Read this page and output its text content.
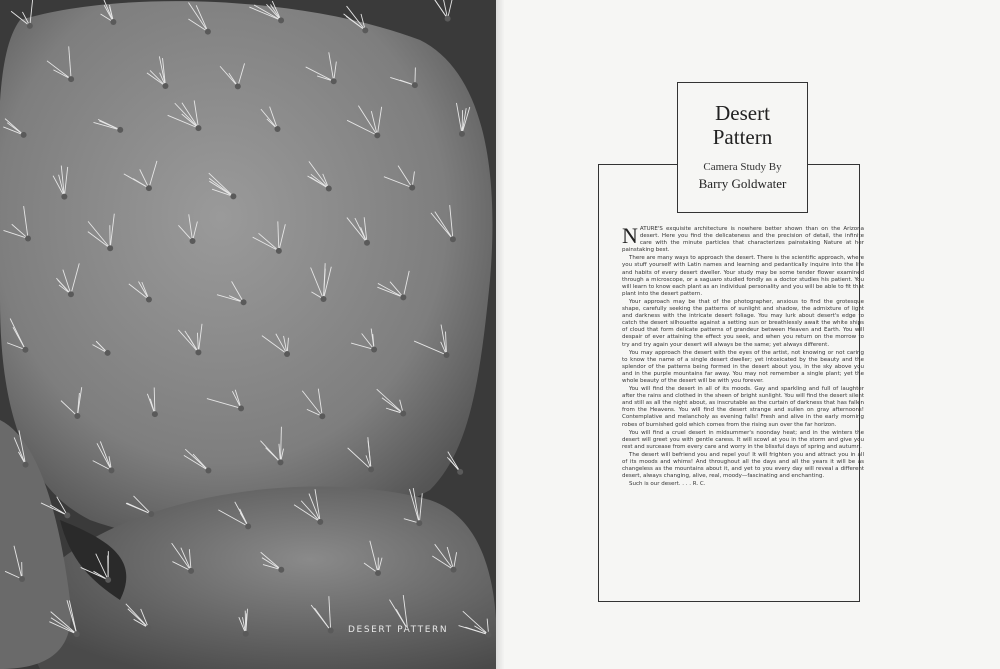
DESERT PATTERN
Desert
Pattern
Camera Study By
Barry Goldwater

NATURE'S exquisite architecture is nowhere better shown than on the Arizona desert. Here you find the delicateness and the precision of detail, the infinite care with the minute particles that characterizes painstaking Nature at her painstaking best.

There are many ways to approach the desert. There is the scientific approach, where you stuff yourself with Latin names and learning and pedantically inquire into the life and habits of every desert dweller. Your study may be some tender flower examined through a microscope, or a saguaro studied fondly as a doctor studies his patient. You will learn to know each plant as an individual personality and you will be able to fit that plant into the desert pattern.

Your approach may be that of the photographer, anxious to find the grotesque shape, carefully seeking the patterns of sunlight and shadow, the admixture of light and darkness with the intricate desert foliage. You may lurk about desert's edge to catch the desert silhouette against a setting sun or breathlessly await the white ships of cloud that form delicate patterns of grandeur between Heaven and Earth. You will despair of ever attaining the effect you seek, and when you return on the morrow to try and try again your desert will always be the same; yet always different.

You may approach the desert with the eyes of the artist, not knowing or not caring to know the name of a single desert dweller; yet intoxicated by the beauty and the splendor of the patterns being formed in the desert about you, in the sky above you and in the purple mountains far away. You may not remember a single plant; yet the whole beauty of the desert will be with you forever.

You will find the desert in all of its moods. Gay and sparkling and full of laughter after the rains and clothed in the sheen of bright sunlight. You will find the desert silent and still as all the night about, as inscrutable as the curtain of darkness that has fallen from the Heavens. You will find the desert strange and sullen on gray afternoons! Contemplative and melancholy as evening falls! Fresh and alive in the early morning robes of burnished gold which comes from the rising sun over the far horizon.

You will find a cruel desert in midsummer's noonday heat; and in the winters the desert will greet you with gentle caress. It will scowl at you in the storm and give you rest and surcease from every care and worry in the blissful days of spring and autumn.

The desert will befriend you and repel you! It will frighten you and attract you in all of its moods and whims! And throughout all the days and all the years it will be as changeless as the mountains about it, and yet to you every day will reveal a different desert, always changing, alive, real, moody—fascinating and enchanting.

Such is our desert. . . . R. C.
